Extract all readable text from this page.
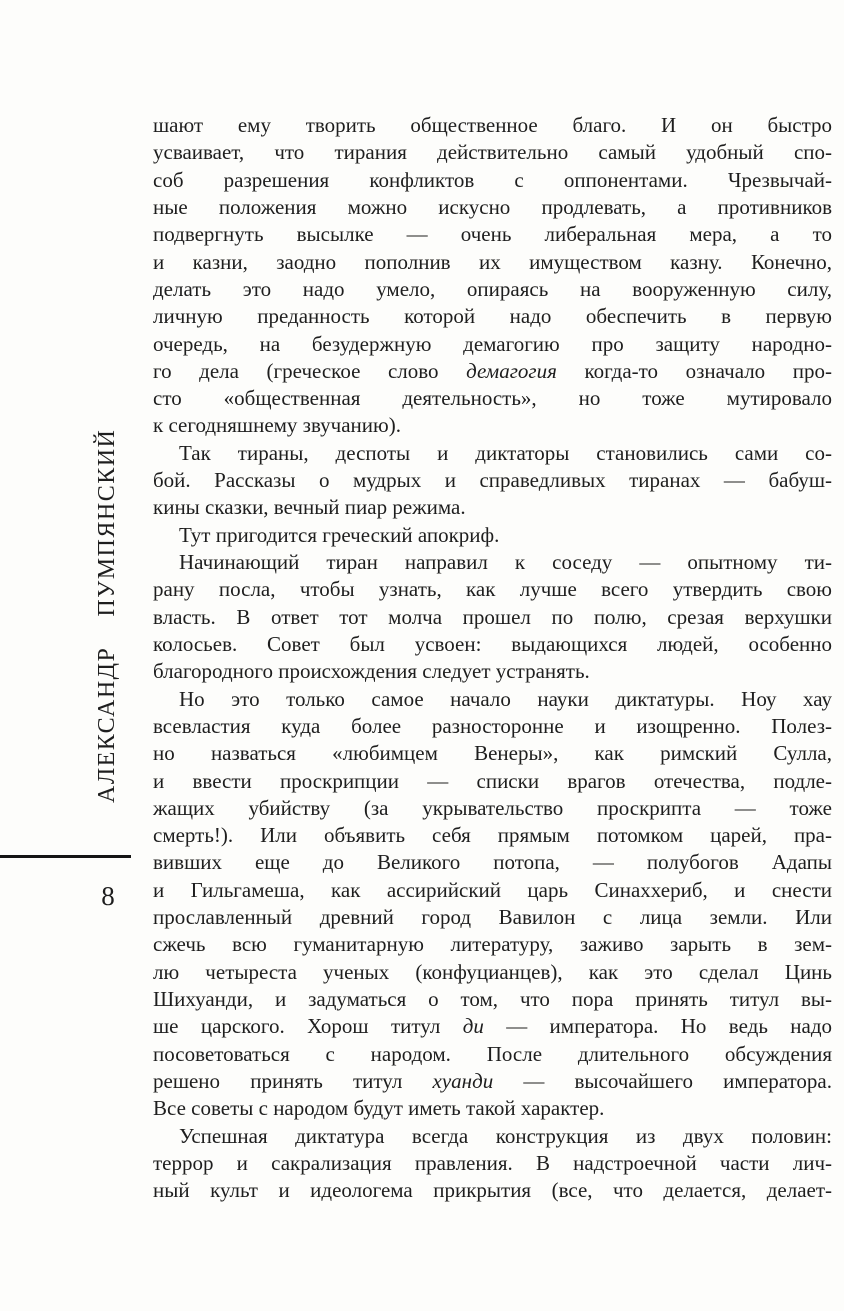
АЛЕКСАНДР
ПУМПЯНСКИЙ
8
шают ему творить общественное благо. И он быстро
усваивает, что тирания действительно самый удобный спо-
соб разрешения конфликтов с оппонентами. Чрезвычай-
ные положения можно искусно продлевать, а противников
подвергнуть высылке — очень либеральная мера, а то
и казни, заодно пополнив их имуществом казну. Конечно,
делать это надо умело, опираясь на вооруженную силу,
личную преданность которой надо обеспечить в первую
очередь, на безудержную демагогию про защиту народно-
го дела (греческое слово демагогия когда-то означало про-
сто «общественная деятельность», но тоже мутировало
к сегодняшнему звучанию).
Так тираны, деспоты и диктаторы становились сами со-
бой. Рассказы о мудрых и справедливых тиранах — бабуш-
кины сказки, вечный пиар режима.
Тут пригодится греческий апокриф.
Начинающий тиран направил к соседу — опытному ти-
рану посла, чтобы узнать, как лучше всего утвердить свою
власть. В ответ тот молча прошел по полю, срезая верхушки
колосьев. Совет был усвоен: выдающихся людей, особенно
благородного происхождения следует устранять.
Но это только самое начало науки диктатуры. Ноу хау
всевластия куда более разносторонне и изощренно. Полез-
но назваться «любимцем Венеры», как римский Сулла,
и ввести проскрипции — списки врагов отечества, подле-
жащих убийству (за укрывательство проскрипта — тоже
смерть!). Или объявить себя прямым потомком царей, пра-
вивших еще до Великого потопа, — полубогов Адапы
и Гильгамеша, как ассирийский царь Синаххериб, и снести
прославленный древний город Вавилон с лица земли. Или
сжечь всю гуманитарную литературу, заживо зарыть в зем-
лю четыреста ученых (конфуцианцев), как это сделал Цинь
Шихуанди, и задуматься о том, что пора принять титул вы-
ше царского. Хорош титул ди — императора. Но ведь надо
посоветоваться с народом. После длительного обсуждения
решено принять титул хуанди — высочайшего императора.
Все советы с народом будут иметь такой характер.
Успешная диктатура всегда конструкция из двух половин:
террор и сакрализация правления. В надстроечной части лич-
ный культ и идеологема прикрытия (все, что делается, делает-
